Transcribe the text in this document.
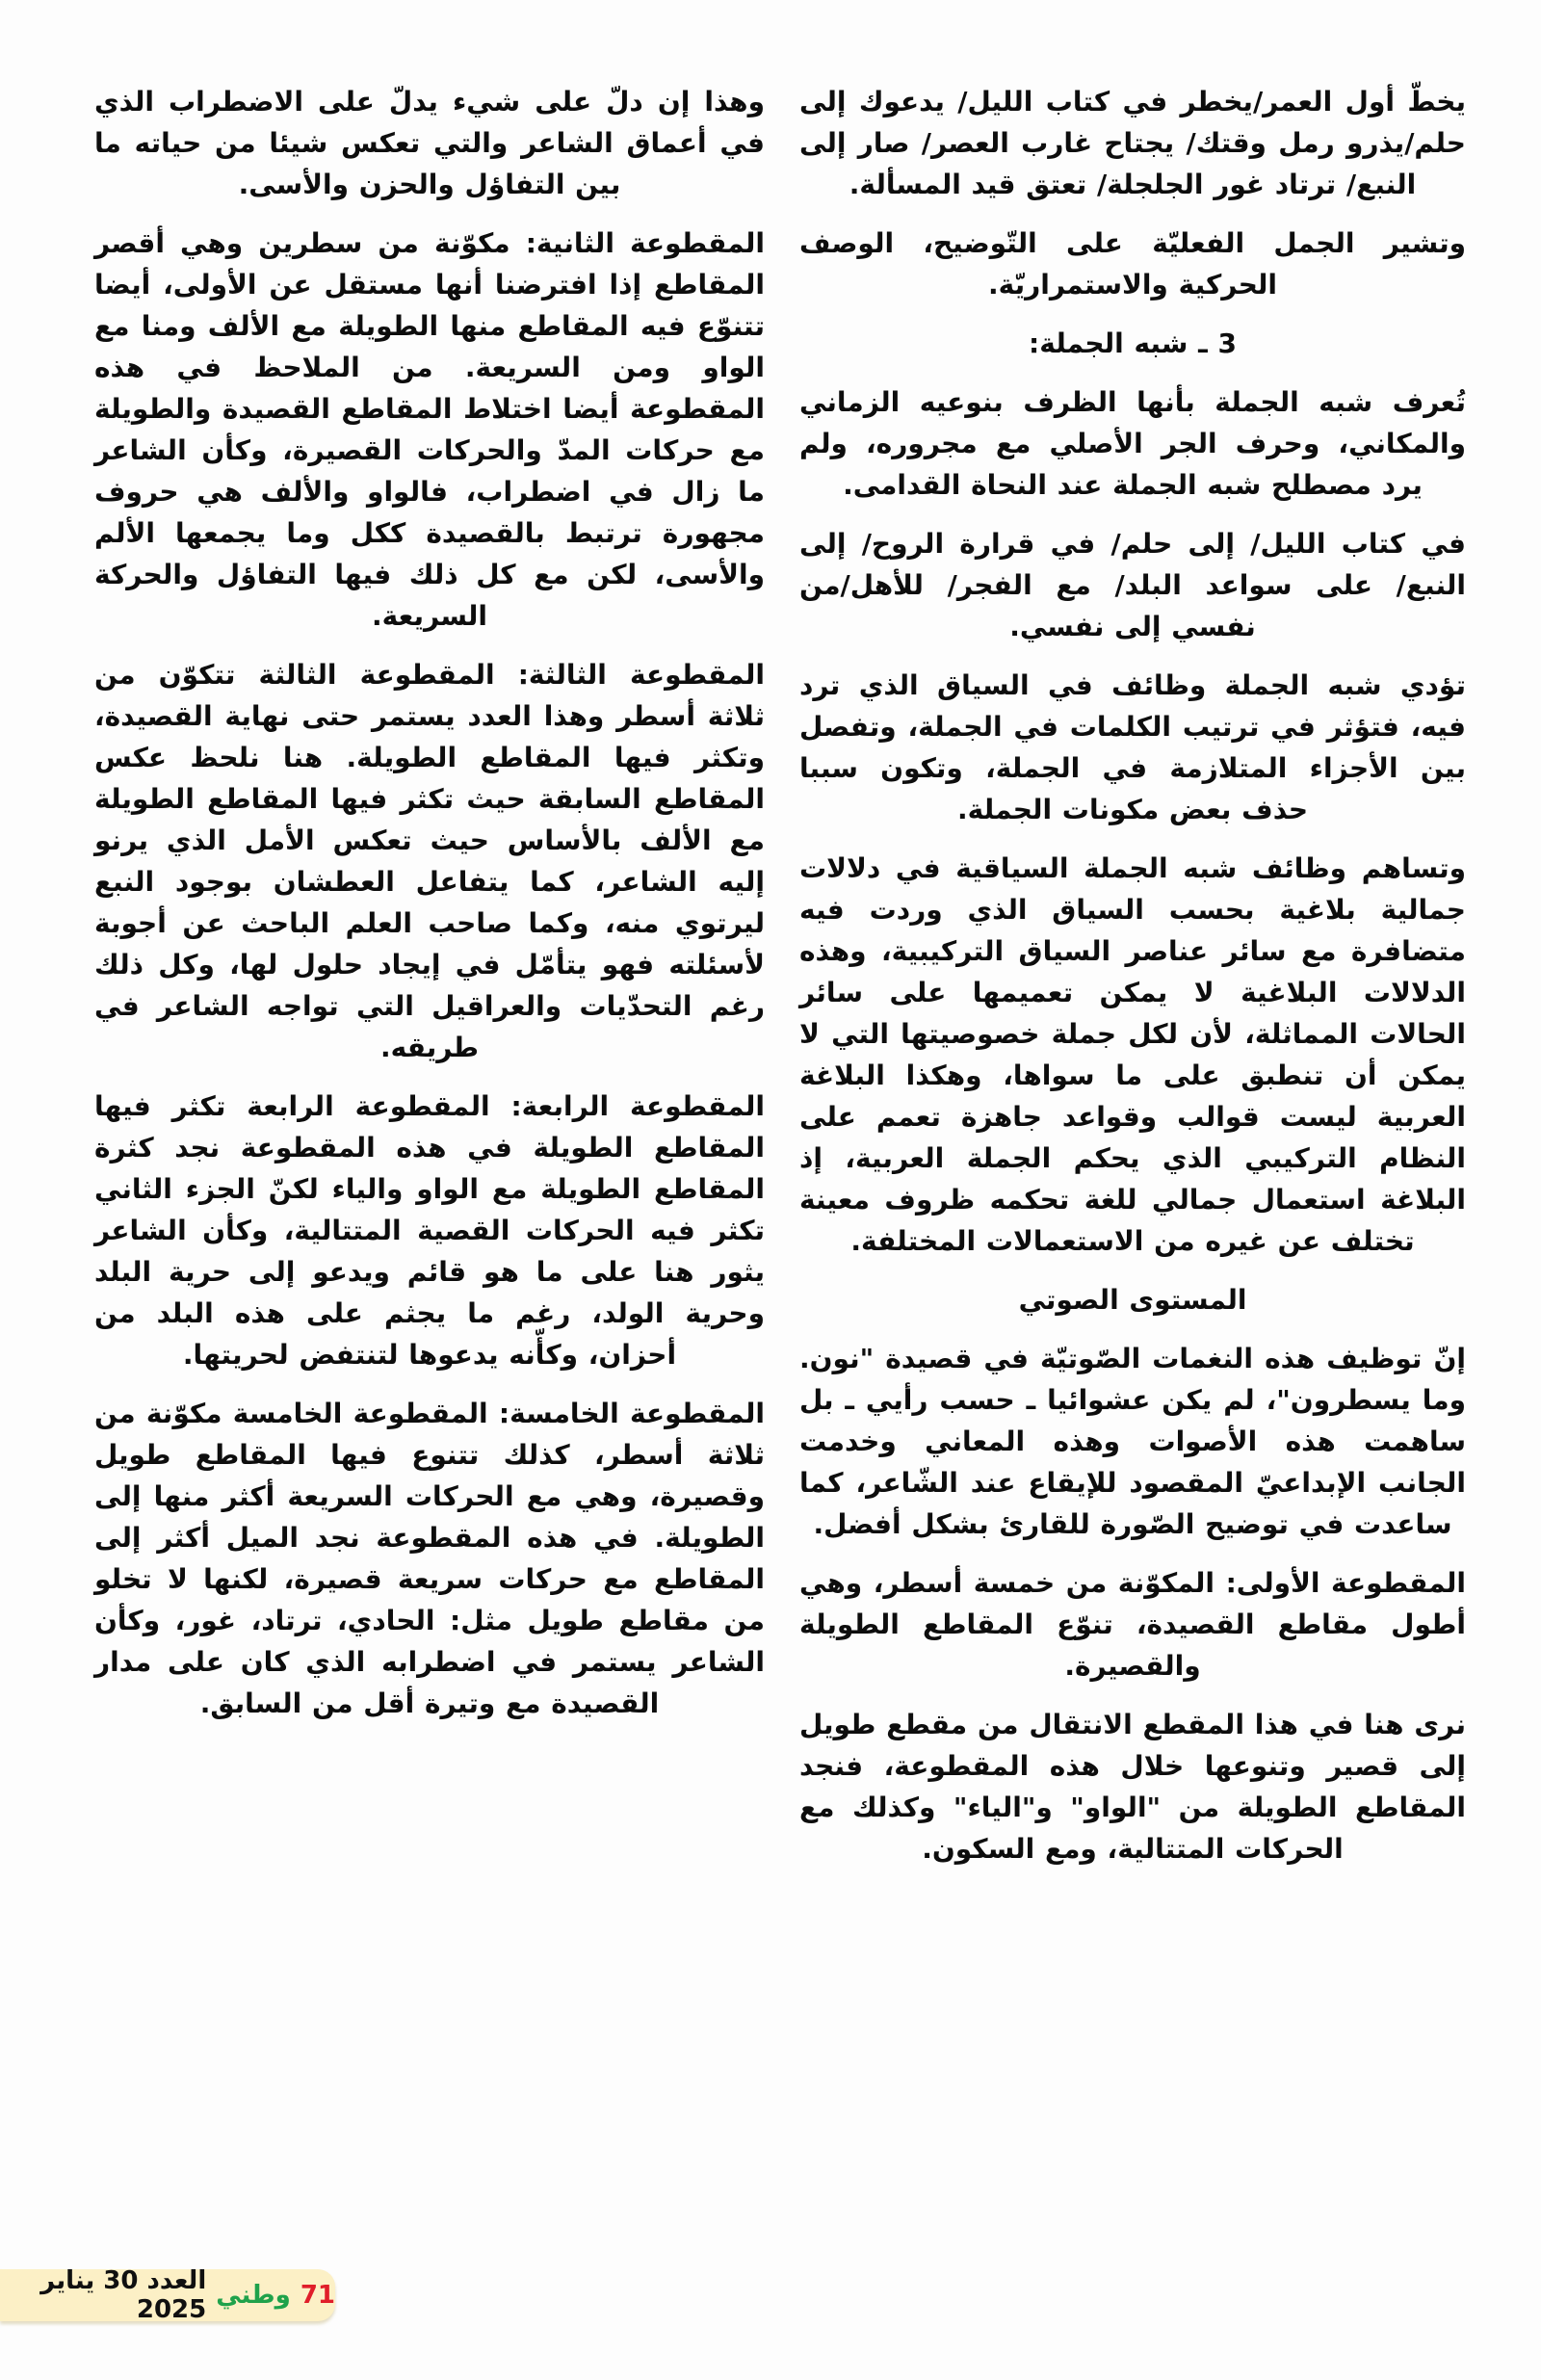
يخطّ أول العمر/يخطر في كتاب الليل/ يدعوك إلى حلم/يذرو رمل وقتك/ يجتاح غارب العصر/ صار إلى النبع/ ترتاد غور الجلجلة/ تعتق قيد المسألة.

وتشير الجمل الفعليّة على التّوضيح، الوصف الحركية والاستمراريّة.

3 ـ شبه الجملة:

تُعرف شبه الجملة بأنها الظرف بنوعيه الزماني والمكاني، وحرف الجر الأصلي مع مجروره، ولم يرد مصطلح شبه الجملة عند النحاة القدامى.

في كتاب الليل/ إلى حلم/ في قرارة الروح/ إلى النبع/ على سواعد البلد/ مع الفجر/ للأهل/من نفسي إلى نفسي.

تؤدي شبه الجملة وظائف في السياق الذي ترد فيه، فتؤثر في ترتيب الكلمات في الجملة، وتفصل بين الأجزاء المتلازمة في الجملة، وتكون سببا حذف بعض مكونات الجملة.

وتساهم وظائف شبه الجملة السياقية في دلالات جمالية بلاغية بحسب السياق الذي وردت فيه متضافرة مع سائر عناصر السياق التركيبية، وهذه الدلالات البلاغية لا يمكن تعميمها على سائر الحالات المماثلة، لأن لكل جملة خصوصيتها التي لا يمكن أن تنطبق على ما سواها، وهكذا البلاغة العربية ليست قوالب وقواعد جاهزة تعمم على النظام التركيبي الذي يحكم الجملة العربية، إذ البلاغة استعمال جمالي للغة تحكمه ظروف معينة تختلف عن غيره من الاستعمالات المختلفة.

المستوى الصوتي

إنّ توظيف هذه النغمات الصّوتيّة في قصيدة "نون. وما يسطرون"، لم يكن عشوائيا ـ حسب رأيي ـ بل ساهمت هذه الأصوات وهذه المعاني وخدمت الجانب الإبداعيّ المقصود للإيقاع عند الشّاعر، كما ساعدت في توضيح الصّورة للقارئ بشكل أفضل.

المقطوعة الأولى: المكوّنة من خمسة أسطر، وهي أطول مقاطع القصيدة، تنوّع المقاطع الطويلة والقصيرة.

نرى هنا في هذا المقطع الانتقال من مقطع طويل إلى قصير وتنوعها خلال هذه المقطوعة، فنجد المقاطع الطويلة من "الواو" و"الياء" وكذلك مع الحركات المتتالية، ومع السكون.

وهذا إن دلّ على شيء يدلّ على الاضطراب الذي في أعماق الشاعر والتي تعكس شيئا من حياته ما بين التفاؤل والحزن والأسى.

المقطوعة الثانية: مكوّنة من سطرين وهي أقصر المقاطع إذا افترضنا أنها مستقل عن الأولى، أيضا تتنوّع فيه المقاطع منها الطويلة مع الألف ومنا مع الواو ومن السريعة. من الملاحظ في هذه المقطوعة أيضا اختلاط المقاطع القصيدة والطويلة مع حركات المدّ والحركات القصيرة، وكأن الشاعر ما زال في اضطراب، فالواو والألف هي حروف مجهورة ترتبط بالقصيدة ككل وما يجمعها الألم والأسى، لكن مع كل ذلك فيها التفاؤل والحركة السريعة.

المقطوعة الثالثة: المقطوعة الثالثة تتكوّن من ثلاثة أسطر وهذا العدد يستمر حتى نهاية القصيدة، وتكثر فيها المقاطع الطويلة. هنا نلحظ عكس المقاطع السابقة حيث تكثر فيها المقاطع الطويلة مع الألف بالأساس حيث تعكس الأمل الذي يرنو إليه الشاعر، كما يتفاعل العطشان بوجود النبع ليرتوي منه، وكما صاحب العلم الباحث عن أجوبة لأسئلته فهو يتأمّل في إيجاد حلول لها، وكل ذلك رغم التحدّيات والعراقيل التي تواجه الشاعر في طريقه.

المقطوعة الرابعة: المقطوعة الرابعة تكثر فيها المقاطع الطويلة في هذه المقطوعة نجد كثرة المقاطع الطويلة مع الواو والياء لكنّ الجزء الثاني تكثر فيه الحركات القصية المتتالية، وكأن الشاعر يثور هنا على ما هو قائم ويدعو إلى حرية البلد وحرية الولد، رغم ما يجثم على هذه البلد من أحزان، وكأّنه يدعوها لتنتفض لحريتها.

المقطوعة الخامسة: المقطوعة الخامسة مكوّنة من ثلاثة أسطر، كذلك تتنوع فيها المقاطع طويل وقصيرة، وهي مع الحركات السريعة أكثر منها إلى الطويلة. في هذه المقطوعة نجد الميل أكثر إلى المقاطع مع حركات سريعة قصيرة، لكنها لا تخلو من مقاطع طويل مثل: الحادي، ترتاد، غور، وكأن الشاعر يستمر في اضطرابه الذي كان على مدار القصيدة مع وتيرة أقل من السابق.

71
وطني
العدد 30 يناير 2025
